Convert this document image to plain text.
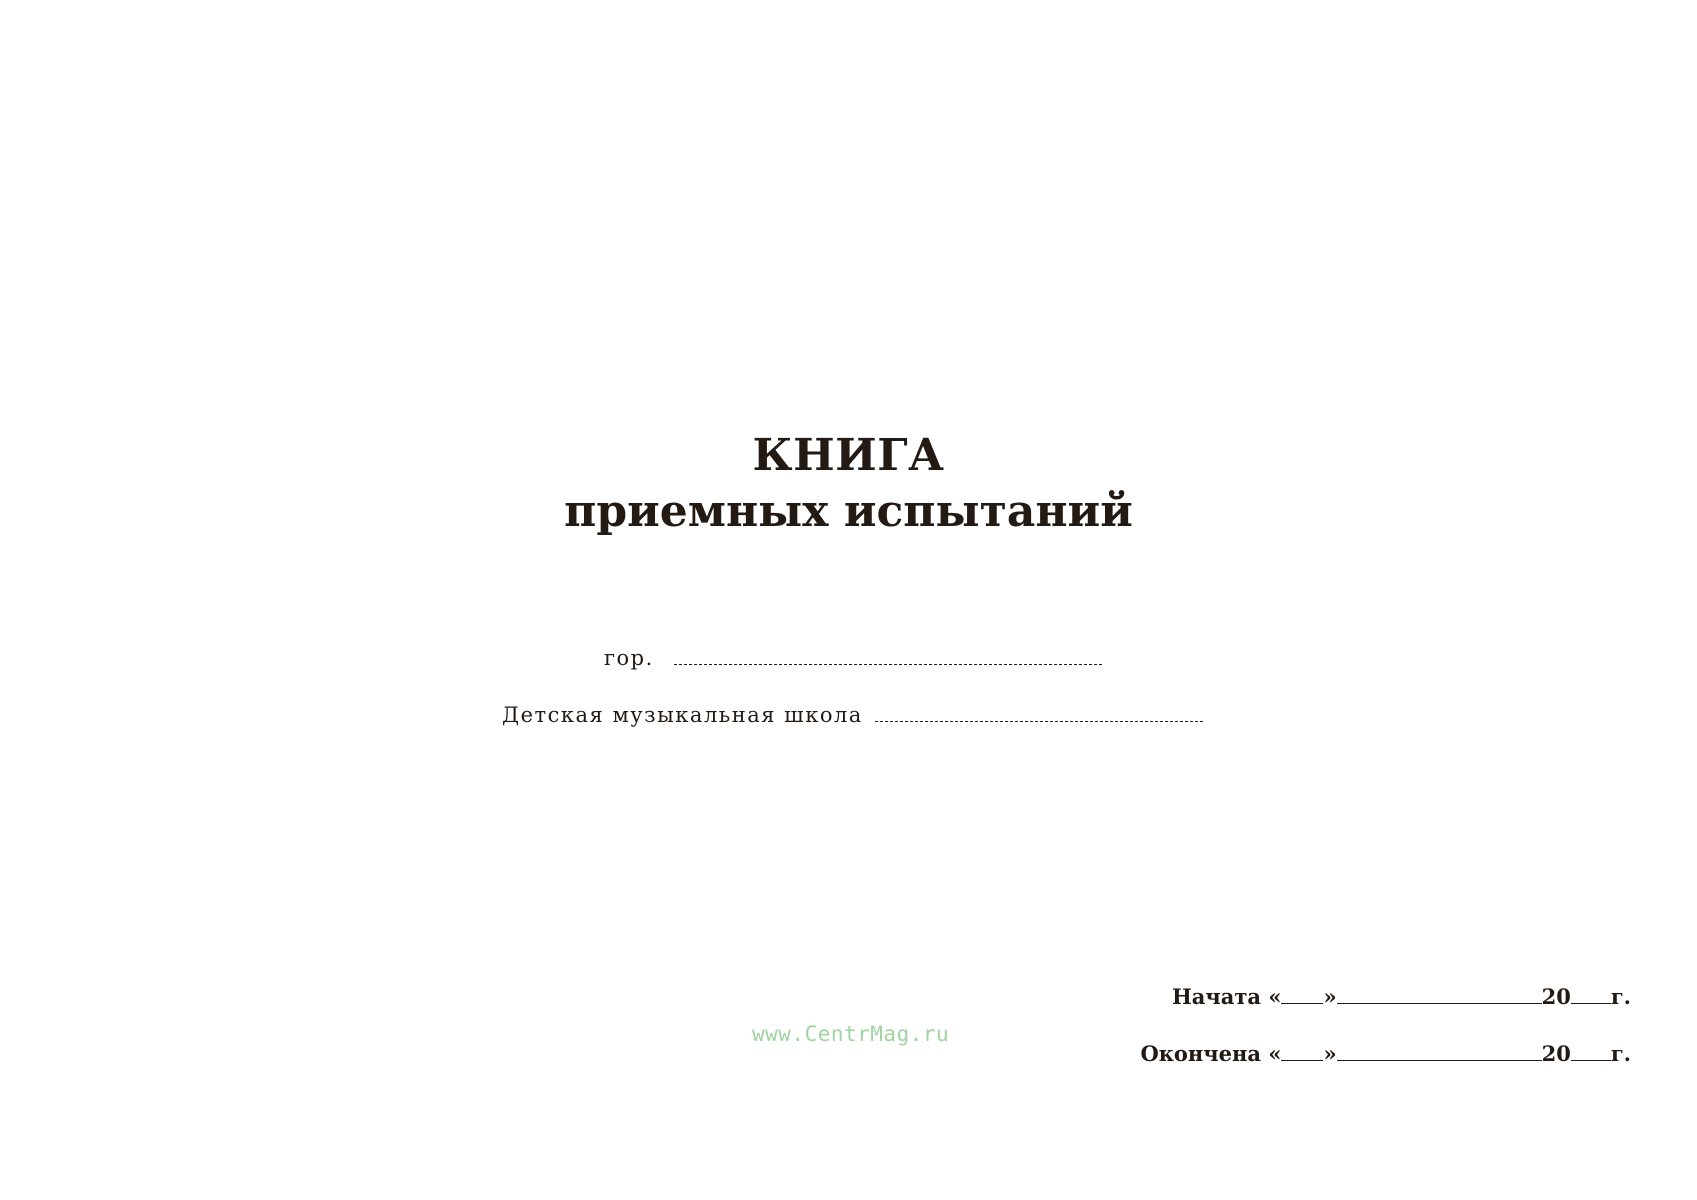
КНИГА
приемных испытаний
гор.
Детская музыкальная школа
www.CentrMag.ru
Начата « »	20 г.
Окончена « »	20 г.
